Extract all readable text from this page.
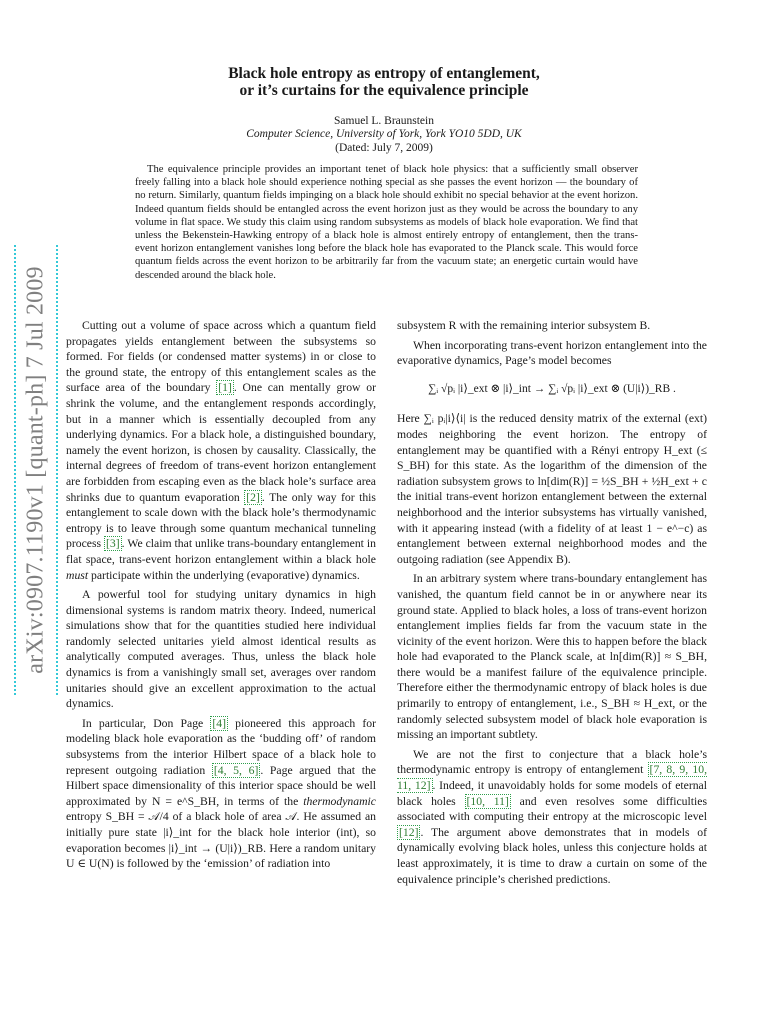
arXiv:0907.1190v1 [quant-ph] 7 Jul 2009
Black hole entropy as entropy of entanglement,
or it’s curtains for the equivalence principle
Samuel L. Braunstein
Computer Science, University of York, York YO10 5DD, UK
(Dated: July 7, 2009)
The equivalence principle provides an important tenet of black hole physics: that a sufficiently small observer freely falling into a black hole should experience nothing special as she passes the event horizon — the boundary of no return. Similarly, quantum fields impinging on a black hole should exhibit no special behavior at the event horizon. Indeed quantum fields should be entangled across the event horizon just as they would be across the boundary to any volume in flat space. We study this claim using random subsystems as models of black hole evaporation. We find that unless the Bekenstein-Hawking entropy of a black hole is almost entirely entropy of entanglement, then the trans-event horizon entanglement vanishes long before the black hole has evaporated to the Planck scale. This would force quantum fields across the event horizon to be arbitrarily far from the vacuum state; an energetic curtain would have descended around the black hole.

Cutting out a volume of space across which a quantum field propagates yields entanglement between the subsystems so formed. For fields (or condensed matter systems) in or close to the ground state, the entropy of this entanglement scales as the surface area of the boundary [1] . One can mentally grow or shrink the volume, and the entanglement responds accordingly, but in a manner which is essentially decoupled from any underlying dynamics. For a black hole, a distinguished boundary, namely the event horizon, is chosen by causality. Classically, the internal degrees of freedom of trans-event horizon entanglement are forbidden from escaping even as the black hole’s surface area shrinks due to quantum evaporation [2] . The only way for this entanglement to scale down with the black hole’s thermodynamic entropy is to leave through some quantum mechanical tunneling process [3] . We claim that unlike trans-boundary entanglement in flat space, trans-event horizon entanglement within a black hole must participate within the underlying (evaporative) dynamics.

A powerful tool for studying unitary dynamics in high dimensional systems is random matrix theory. Indeed, numerical simulations show that for the quantities studied here individual randomly selected unitaries yield almost identical results as analytically computed averages. Thus, unless the black hole dynamics is from a vanishingly small set, averages over random unitaries should give an excellent approximation to the actual dynamics.

In particular, Don Page [4] pioneered this approach for modeling black hole evaporation as the ‘budding off’ of random subsystems from the interior Hilbert space of a black hole to represent outgoing radiation [4, 5, 6] . Page argued that the Hilbert space dimensionality of this interior space should be well approximated by N = e^S_BH, in terms of the thermodynamic entropy S_BH = 𝒜/4 of a black hole of area 𝒜. He assumed an initially pure state |i⟩_int for the black hole interior (int), so evaporation becomes |i⟩_int → (U|i⟩)_RB. Here a random unitary U ∈ U(N) is followed by the ‘emission’ of radiation into

subsystem R with the remaining interior subsystem B.

When incorporating trans-event horizon entanglement into the evaporative dynamics, Page’s model becomes

∑ᵢ √pᵢ |i⟩_ext ⊗ |i⟩_int → ∑ᵢ √pᵢ |i⟩_ext ⊗ (U|i⟩)_RB .

Here ∑ᵢ pᵢ|i⟩⟨i| is the reduced density matrix of the external (ext) modes neighboring the event horizon. The entropy of entanglement may be quantified with a Rényi entropy H_ext (≤ S_BH) for this state. As the logarithm of the dimension of the radiation subsystem grows to ln[dim(R)] = ½S_BH + ½H_ext + c the initial trans-event horizon entanglement between the external neighborhood and the interior subsystems has virtually vanished, with it appearing instead (with a fidelity of at least 1 − e^−c) as entanglement between external neighborhood modes and the outgoing radiation (see Appendix B).

In an arbitrary system where trans-boundary entanglement has vanished, the quantum field cannot be in or anywhere near its ground state. Applied to black holes, a loss of trans-event horizon entanglement implies fields far from the vacuum state in the vicinity of the event horizon. Were this to happen before the black hole had evaporated to the Planck scale, at ln[dim(R)] ≈ S_BH, there would be a manifest failure of the equivalence principle. Therefore either the thermodynamic entropy of black holes is due primarily to entropy of entanglement, i.e., S_BH ≈ H_ext, or the randomly selected subsystem model of black hole evaporation is missing an important subtlety.

We are not the first to conjecture that a black hole’s thermodynamic entropy is entropy of entanglement [7, 8, 9, 10, 11, 12] . Indeed, it unavoidably holds for some models of eternal black holes [10, 11] and even resolves some difficulties associated with computing their entropy at the microscopic level [12] . The argument above demonstrates that in models of dynamically evolving black holes, unless this conjecture holds at least approximately, it is time to draw a curtain on some of the equivalence principle’s cherished predictions.
